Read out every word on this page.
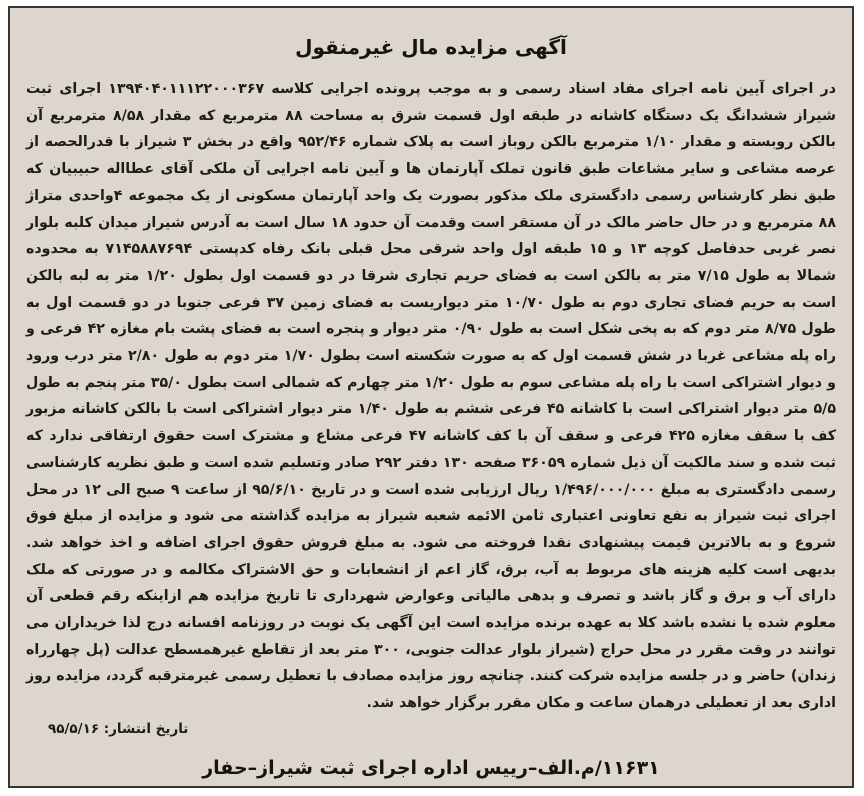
آگهی مزایده مال غیرمنقول

در اجرای آیین نامه اجرای مفاد اسناد رسمی و به موجب پرونده اجرایی کلاسه ۱۳۹۴۰۴۰۱۱۱۲۲۰۰۰۳۶۷ اجرای ثبت شیراز ششدانگ یک دستگاه کاشانه در طبقه اول قسمت شرق به مساحت ۸۸ مترمربع که مقدار ۸/۵۸ مترمربع آن بالکن روبسته و مقدار ۱/۱۰ مترمربع بالکن روباز است به پلاک شماره ۹۵۲/۴۶ واقع در بخش ۳ شیراز با قدرالحصه از عرصه مشاعی و سایر مشاعات طبق قانون تملک آپارتمان ها و آیین نامه اجرایی آن ملکی آقای عطااله حبیبیان که طبق نظر کارشناس رسمی دادگستری ملک مذکور بصورت یک واحد آپارتمان مسکونی از یک مجموعه ۴واحدی متراژ ۸۸ مترمربع و در حال حاضر مالک در آن مستقر است وقدمت آن حدود ۱۸ سال است به آدرس شیراز میدان کلبه بلوار نصر غربی حدفاصل کوچه ۱۳ و ۱۵ طبقه اول واحد شرقی محل قبلی بانک رفاه کدپستی ۷۱۴۵۸۸۷۶۹۴ به محدوده شمالا به طول ۷/۱۵ متر به بالکن است به فضای حریم تجاری شرقا در دو قسمت اول بطول ۱/۲۰ متر به لبه بالکن است به حریم فضای تجاری دوم به طول ۱۰/۷۰ متر دیواریست به فضای زمین ۳۷ فرعی جنوبا در دو قسمت اول به طول ۸/۷۵ متر دوم که به پخی شکل است به طول ۰/۹۰ متر دیوار و پنجره است به فضای پشت بام مغازه ۴۲ فرعی و راه پله مشاعی غربا در شش قسمت اول که به صورت شکسته است بطول ۱/۷۰ متر دوم به طول ۲/۸۰ متر درب ورود و دیوار اشتراکی است با راه پله مشاعی سوم به طول ۱/۲۰ متر چهارم که شمالی است بطول ۳۵/۰ متر پنجم به طول ۵/۵ متر دیوار اشتراکی است با کاشانه ۴۵ فرعی ششم به طول ۱/۴۰ متر دیوار اشتراکی است با بالکن کاشانه مزبور کف با سقف مغازه ۴۲۵ فرعی و سقف آن با کف کاشانه ۴۷ فرعی مشاع و مشترک است حقوق ارتفاقی ندارد که ثبت شده و سند مالکیت آن ذیل شماره ۳۶۰۵۹ صفحه ۱۳۰ دفتر ۲۹۲ صادر وتسلیم شده است و طبق نظریه کارشناسی رسمی دادگستری به مبلغ ۱/۴۹۶/۰۰۰/۰۰۰ ریال ارزیابی شده است و در تاریخ ۹۵/۶/۱۰ از ساعت ۹ صبح الی ۱۲ در محل اجرای ثبت شیراز به نفع تعاونی اعتباری ثامن الائمه شعبه شیراز به مزایده گذاشته می شود و مزایده از مبلغ فوق شروع و به بالاترین قیمت پیشنهادی نقدا فروخته می شود. به مبلغ فروش حقوق اجرای اضافه و اخذ خواهد شد. بدیهی است کلیه هزینه های مربوط به آب، برق، گاز اعم از انشعابات و حق الاشتراک مکالمه و در صورتی که ملک دارای آب و برق و گاز باشد و تصرف و بدهی مالیاتی وعوارض شهرداری تا تاریخ مزایده هم ازاینکه رقم قطعی آن معلوم شده یا نشده باشد کلا به عهده برنده مزایده است این آگهی یک نوبت در روزنامه افسانه درج لذا خریداران می توانند در وقت مقرر در محل حراج (شیراز بلوار عدالت جنوبی، ۳۰۰ متر بعد از تقاطع غیرهمسطح عدالت (پل چهارراه زندان) حاضر و در جلسه مزایده شرکت کنند. چنانچه روز مزایده مصادف با تعطیل رسمی غیرمترقبه گردد، مزایده روز اداری بعد از تعطیلی درهمان ساعت و مکان مقرر برگزار خواهد شد.

تاریخ انتشار: ۹۵/۵/۱۶
۱۱۶۳۱/م.الف–رییس اداره اجرای ثبت شیراز–حفار
